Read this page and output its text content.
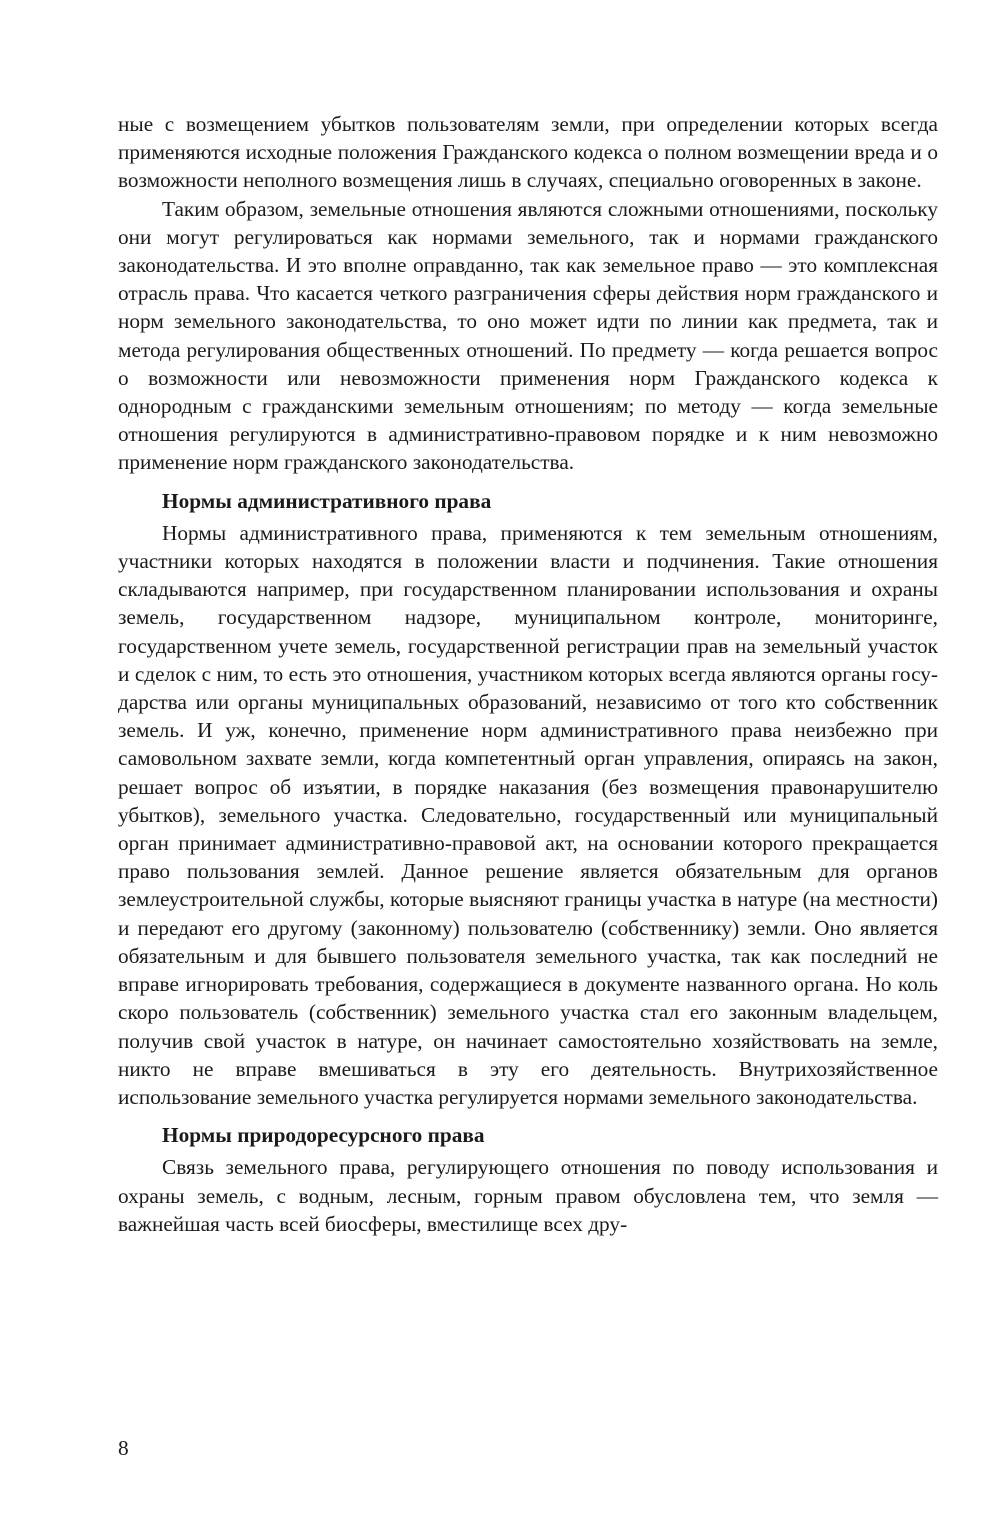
ные с возмещением убытков пользователям земли, при определении которых всегда применяются исходные положения Гражданского кодекса о полном возмещении вреда и о возможности неполного возмещения лишь в случаях, специально оговоренных в законе.

Таким образом, земельные отношения являются сложными отношениями, поскольку они могут регулироваться как нормами земельного, так и нормами гражданского законодательства. И это вполне оправданно, так как земельное право — это комплексная отрасль права. Что касается четкого разграничения сферы действия норм гражданского и норм земельного законодательства, то оно может идти по линии как предмета, так и метода регулирования общественных отношений. По предмету — когда решается вопрос о возможности или невозможности применения норм Гражданского кодекса к однородным с гражданскими земельным отношениям; по методу — когда земельные отношения регулируются в административно-правовом порядке и к ним невозможно применение норм гражданского законодательства.

Нормы административного права

Нормы административного права, применяются к тем земельным отношениям, участники которых находятся в положении власти и подчинения. Такие отношения складываются например, при государственном планировании использования и охраны земель, государственном надзоре, муниципальном контроле, мониторинге, государственном учете земель, государственной регистрации прав на земельный участок и сделок с ним, то есть это отношения, участником которых всегда являются органы государства или органы муниципальных образований, независимо от того кто собственник земель. И уж, конечно, применение норм административного права неизбежно при самовольном захвате земли, когда компетентный орган управления, опираясь на закон, решает вопрос об изъятии, в порядке наказания (без возмещения правонарушителю убытков), земельного участка. Следовательно, государственный или муниципальный орган принимает административно-правовой акт, на основании которого прекращается право пользования землей. Данное решение является обязательным для органов землеустроительной службы, которые выясняют границы участка в натуре (на местности) и передают его другому (законному) пользователю (собственнику) земли. Оно является обязательным и для бывшего пользователя земельного участка, так как последний не вправе игнорировать требования, содержащиеся в документе названного органа. Но коль скоро пользователь (собственник) земельного участка стал его законным владельцем, получив свой участок в натуре, он начинает самостоятельно хозяйствовать на земле, никто не вправе вмешиваться в эту его деятельность. Внутрихозяйственное использование земельного участка регулируется нормами земельного законодательства.

Нормы природоресурсного права

Связь земельного права, регулирующего отношения по поводу использования и охраны земель, с водным, лесным, горным правом обусловлена тем, что земля — важнейшая часть всей биосферы, вместилище всех дру-

8
